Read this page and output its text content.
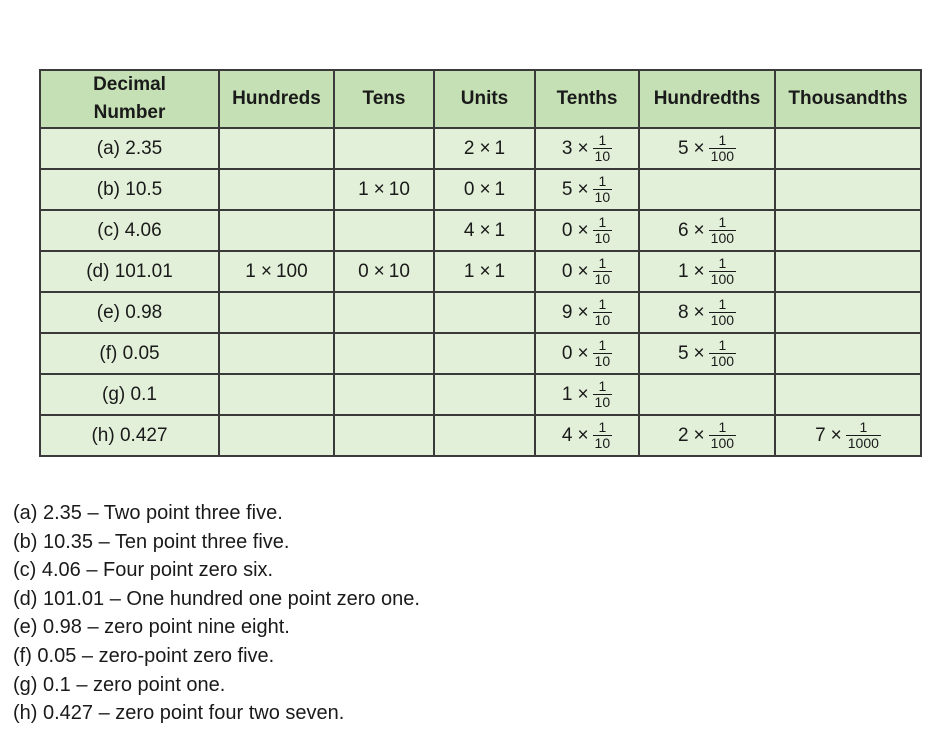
Decimal
Number	Hundreds	Tens	Units	Tenths	Hundredths	Thousandths
(a) 2.35			2 × 1	$3 \times \frac{1}{10}$	$5 \times \frac{1}{100}$

(b) 10.5		1 × 10	0 × 1	$5 \times \frac{1}{10}$

(c) 4.06			4 × 1	$0 \times \frac{1}{10}$	$6 \times \frac{1}{100}$

(d) 101.01	1 × 100	0 × 10	1 × 1	$0 \times \frac{1}{10}$	$1 \times \frac{1}{100}$

(e) 0.98				$9 \times \frac{1}{10}$	$8 \times \frac{1}{100}$

(f) 0.05				$0 \times \frac{1}{10}$	$5 \times \frac{1}{100}$

(g) 0.1				$1 \times \frac{1}{10}$

(h) 0.427				$4 \times \frac{1}{10}$	$2 \times \frac{1}{100}$	$7 \times \frac{1}{1000}$
(a) 2.35 – Two point three five.
(b) 10.35 – Ten point three five.
(c) 4.06 – Four point zero six.
(d) 101.01 – One hundred one point zero one.
(e) 0.98 – zero point nine eight.
(f) 0.05 – zero-point zero five.
(g) 0.1 – zero point one.
(h) 0.427 – zero point four two seven.
